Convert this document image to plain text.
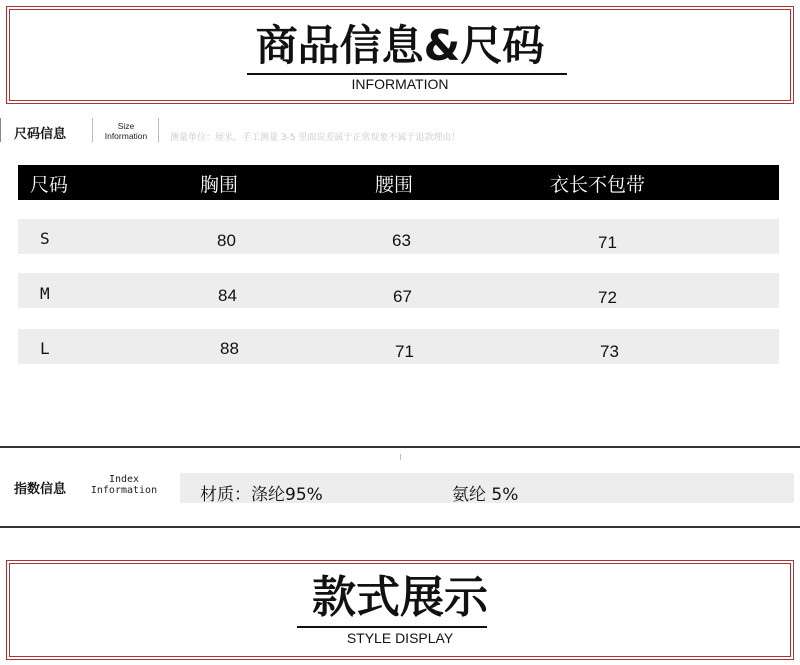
商品信息&尺码
INFORMATION
尺码信息
Size
Information	测量单位：厘米。手工测量 3-5 里面误差属于正常现象不属于退款理由！
尺码	胸围	腰围	衣长不包带
S	80	63	71
M	84	67	72
L	88	71	73
指数信息
Index
Information	材质：涤纶95%	氨纶 5%
款式展示
STYLE DISPLAY
